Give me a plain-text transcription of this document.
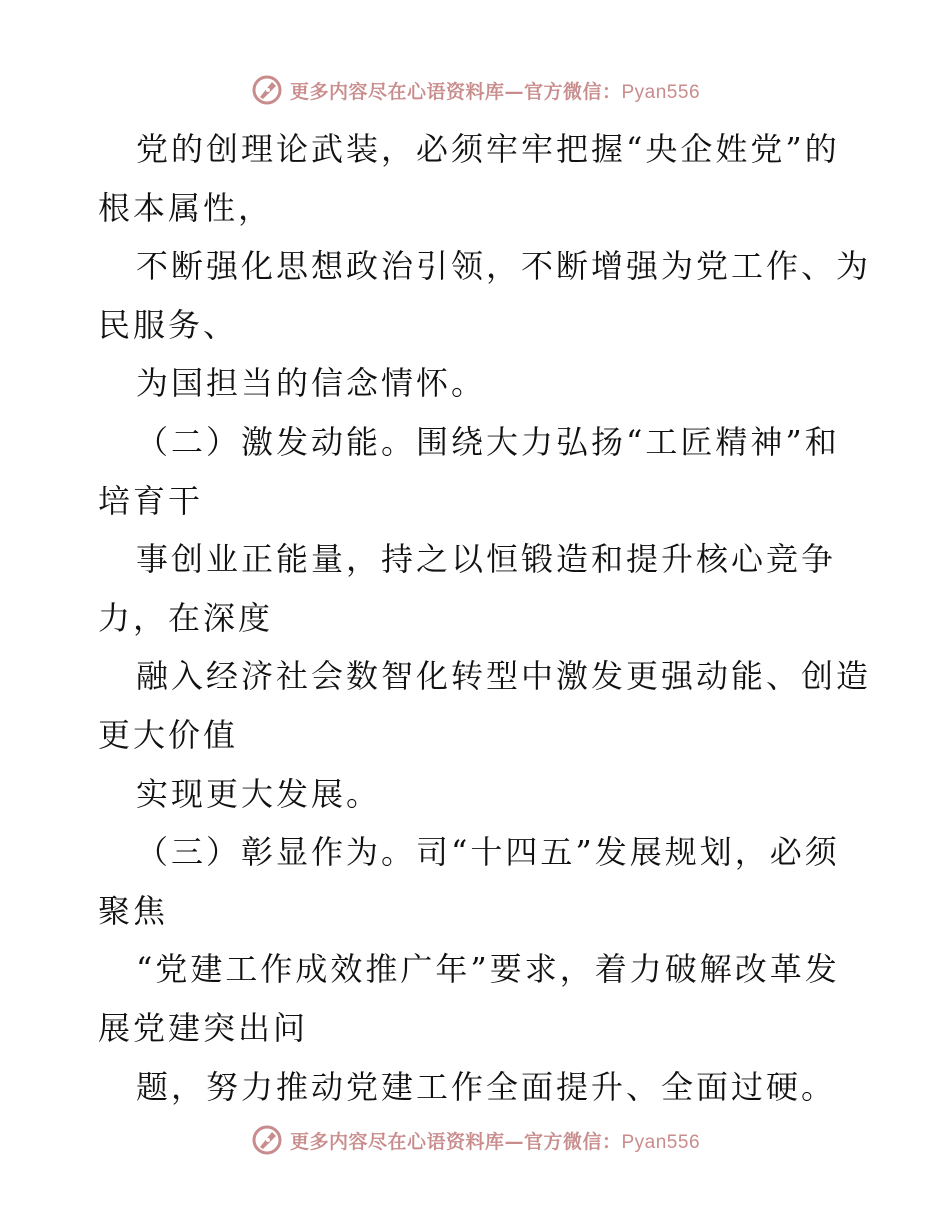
更多内容尽在心语资料库—官方微信：Pyan556
党的创理论武装，必须牢牢把握“央企姓党”的
根本属性，
不断强化思想政治引领，不断增强为党工作、为
民服务、
为国担当的信念情怀。
（二）激发动能。围绕大力弘扬“工匠精神”和
培育干
事创业正能量，持之以恒锻造和提升核心竞争
力，在深度
融入经济社会数智化转型中激发更强动能、创造
更大价值
实现更大发展。
（三）彰显作为。司“十四五”发展规划，必须
聚焦
“党建工作成效推广年”要求，着力破解改革发
展党建突出问
题，努力推动党建工作全面提升、全面过硬。
更多内容尽在心语资料库—官方微信：Pyan556
